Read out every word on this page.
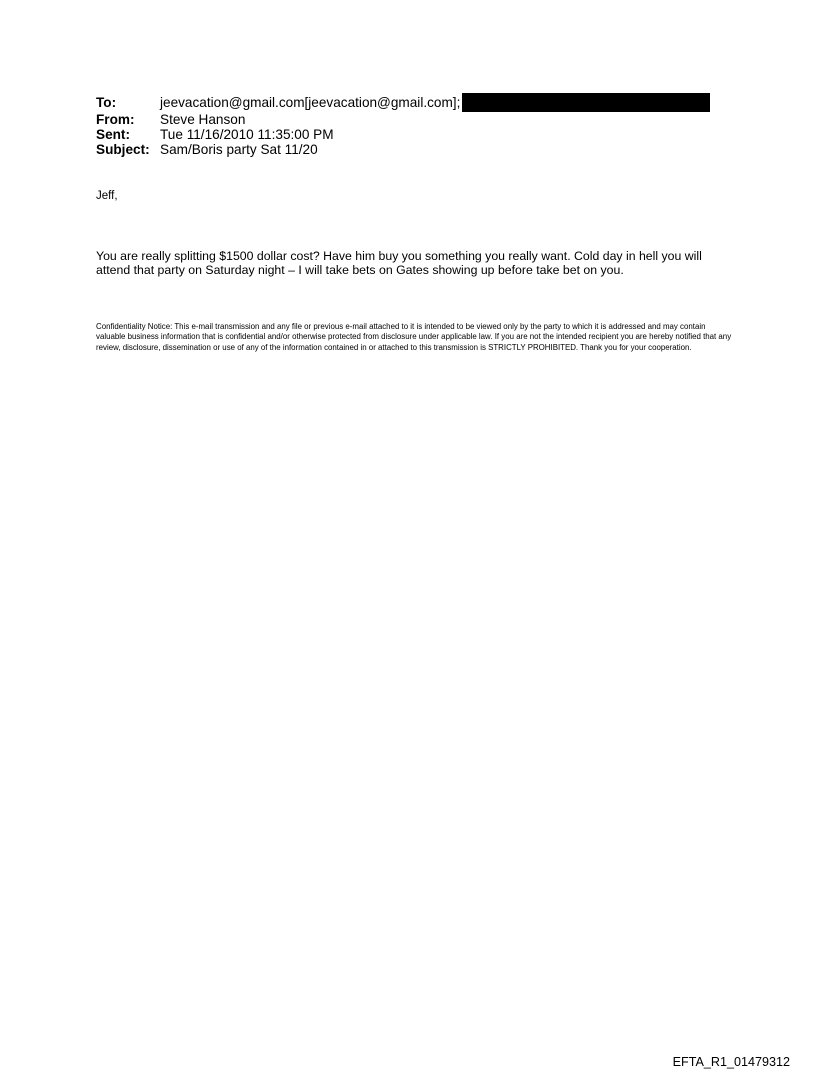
To:	jeevacation@gmail.com[jeevacation@gmail.com];
From:	Steve Hanson
Sent:	Tue 11/16/2010 11:35:00 PM
Subject: Sam/Boris party Sat 11/20
Jeff,
You are really splitting $1500 dollar cost? Have him buy you something you really want. Cold day in hell you will attend that party on Saturday night – I will take bets on Gates showing up before take bet on you.
Confidentiality Notice: This e-mail transmission and any file or previous e-mail attached to it is intended to be viewed only by the party to which it is addressed and may contain valuable business information that is confidential and/or otherwise protected from disclosure under applicable law. If you are not the intended recipient you are hereby notified that any review, disclosure, dissemination or use of any of the information contained in or attached to this transmission is STRICTLY PROHIBITED. Thank you for your cooperation.
EFTA_R1_01479312
